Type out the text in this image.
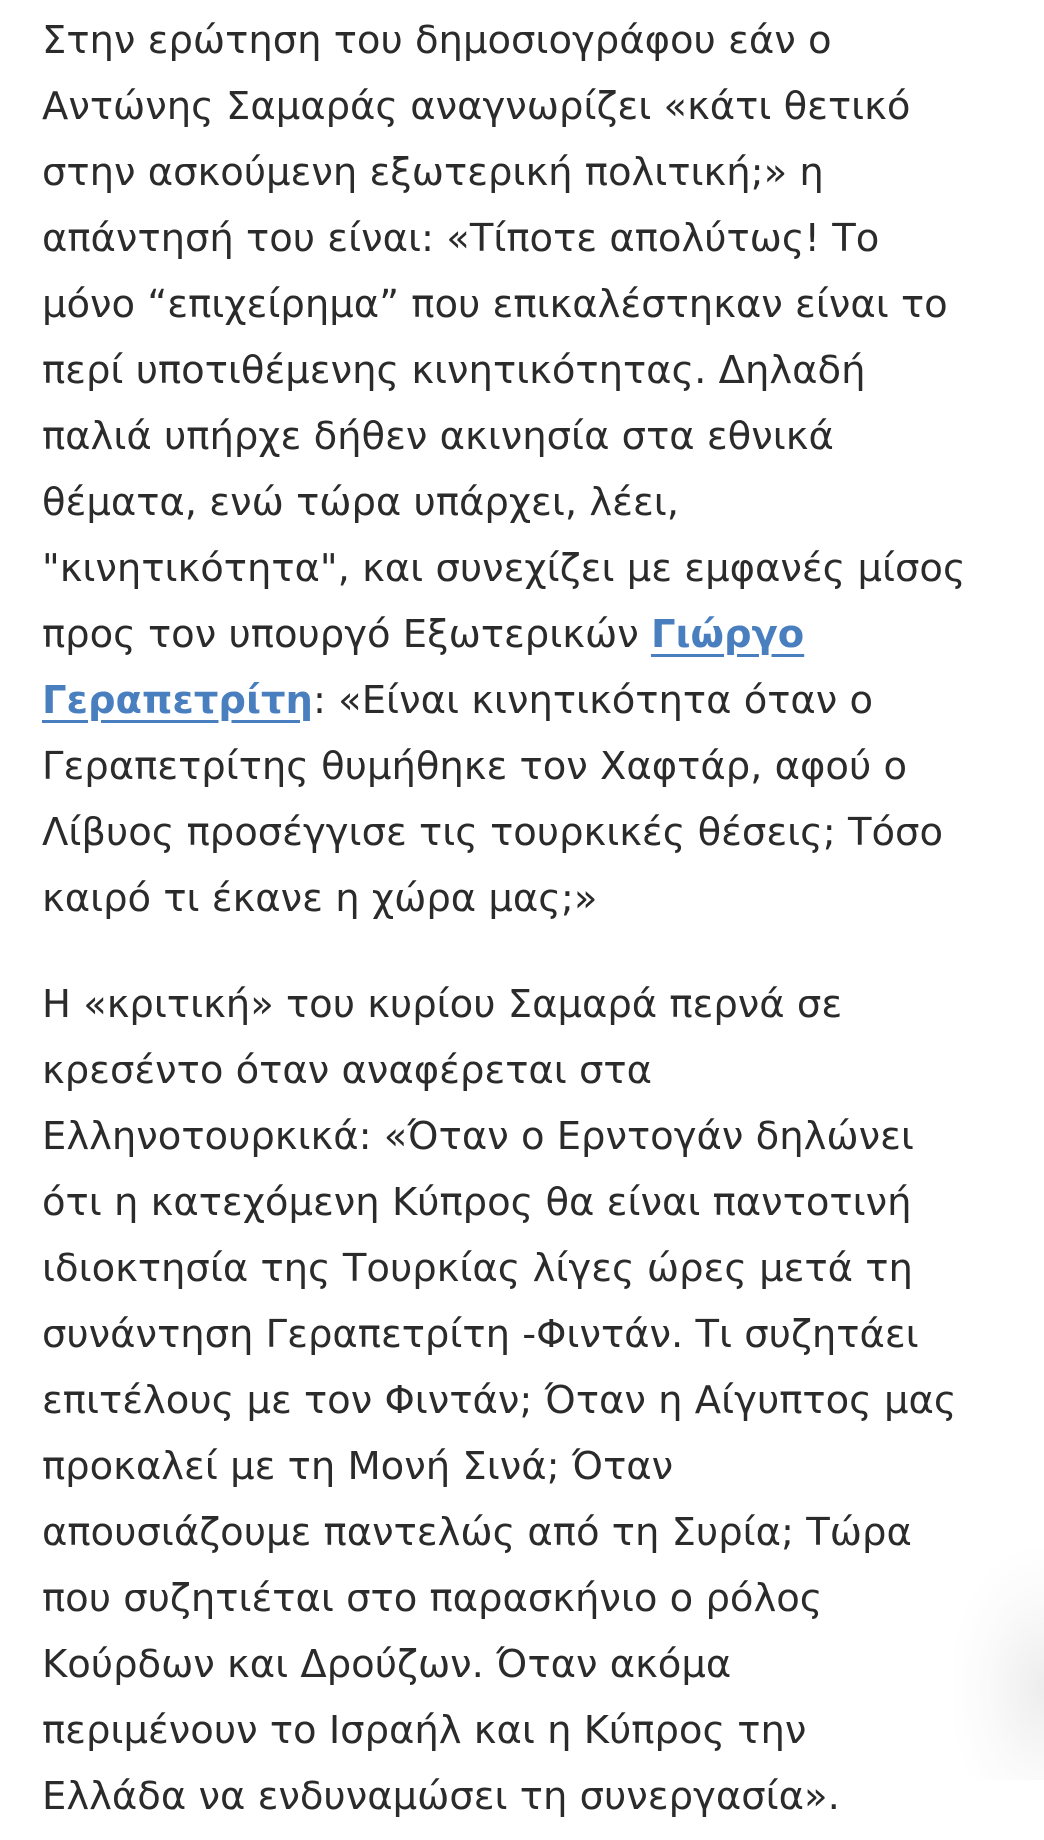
Στην ερώτηση του δημοσιογράφου εάν ο
Αντώνης Σαμαράς αναγνωρίζει «κάτι θετικό
στην ασκούμενη εξωτερική πολιτική;» η
απάντησή του είναι: «Τίποτε απολύτως! Το
μόνο “επιχείρημα” που επικαλέστηκαν είναι το
περί υποτιθέμενης κινητικότητας. Δηλαδή
παλιά υπήρχε δήθεν ακινησία στα εθνικά
θέματα, ενώ τώρα υπάρχει, λέει,
"κινητικότητα", και συνεχίζει με εμφανές μίσος
προς τον υπουργό Εξωτερικών Γιώργο
Γεραπετρίτη: «Είναι κινητικότητα όταν ο
Γεραπετρίτης θυμήθηκε τον Χαφτάρ, αφού ο
Λίβυος προσέγγισε τις τουρκικές θέσεις; Τόσο
καιρό τι έκανε η χώρα μας;»

Η «κριτική» του κυρίου Σαμαρά περνά σε
κρεσέντο όταν αναφέρεται στα
Ελληνοτουρκικά: «Όταν ο Ερντογάν δηλώνει
ότι η κατεχόμενη Κύπρος θα είναι παντοτινή
ιδιοκτησία της Τουρκίας λίγες ώρες μετά τη
συνάντηση Γεραπετρίτη -Φιντάν. Τι συζητάει
επιτέλους με τον Φιντάν; Όταν η Αίγυπτος μας
προκαλεί με τη Μονή Σινά; Όταν
απουσιάζουμε παντελώς από τη Συρία; Τώρα
που συζητιέται στο παρασκήνιο ο ρόλος
Κούρδων και Δρούζων. Όταν ακόμα
περιμένουν το Ισραήλ και η Κύπρος την
Ελλάδα να ενδυναμώσει τη συνεργασία».
